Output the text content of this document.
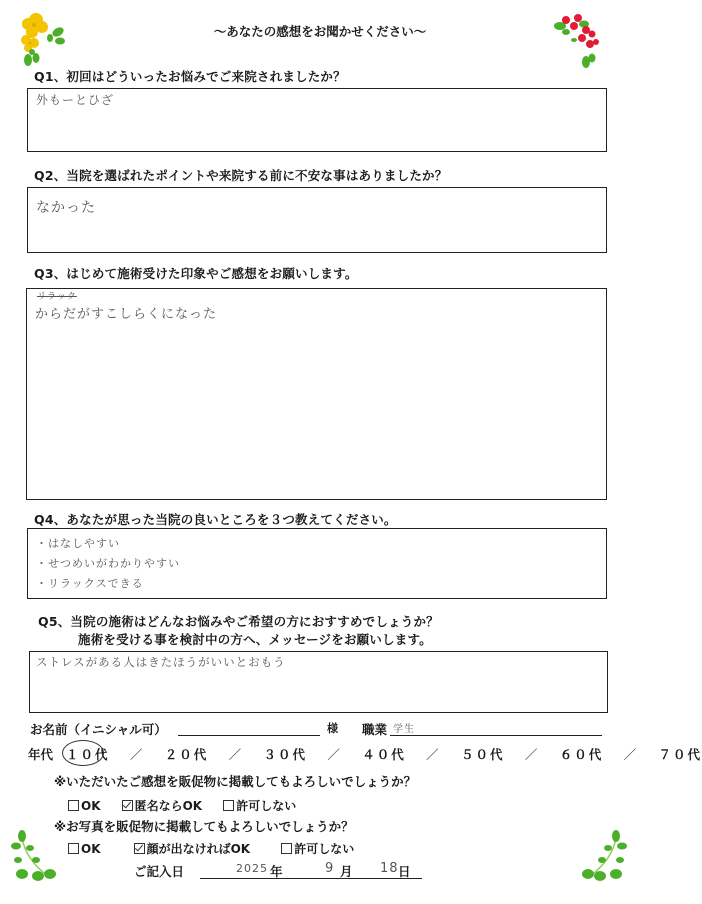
〜あなたの感想をお聞かせください〜
Q1、初回はどういったお悩みでご来院されましたか？
外もーとひざ
Q2、当院を選ばれたポイントや来院する前に不安な事はありましたか？
なかった
Q3、はじめて施術受けた印象やご感想をお願いします。
リラック
からだがすこしらくになった
Q4、あなたが思った当院の良いところを３つ教えてください。
・はなしやすい
・せつめいがわかりやすい
・リラックスできる
Q5、当院の施術はどんなお悩みやご希望の方におすすめでしょうか？
施術を受ける事を検討中の方へ、メッセージをお願いします。
ストレスがある人はきたほうがいいとおもう
お名前（イニシャル可）	様 職業 学生
年代 １０代 ／ ２０代 ／ ３０代 ／ ４０代 ／ ５０代 ／ ６０代 ／ ７０代
※いただいたご感想を販促物に掲載してもよろしいでしょうか？
OK	匿名ならOK	許可しない
※お写真を販促物に掲載してもよろしいでしょうか？
OK	顔が出なければOK	許可しない
ご記入日	2025 年	9 月 18 日
